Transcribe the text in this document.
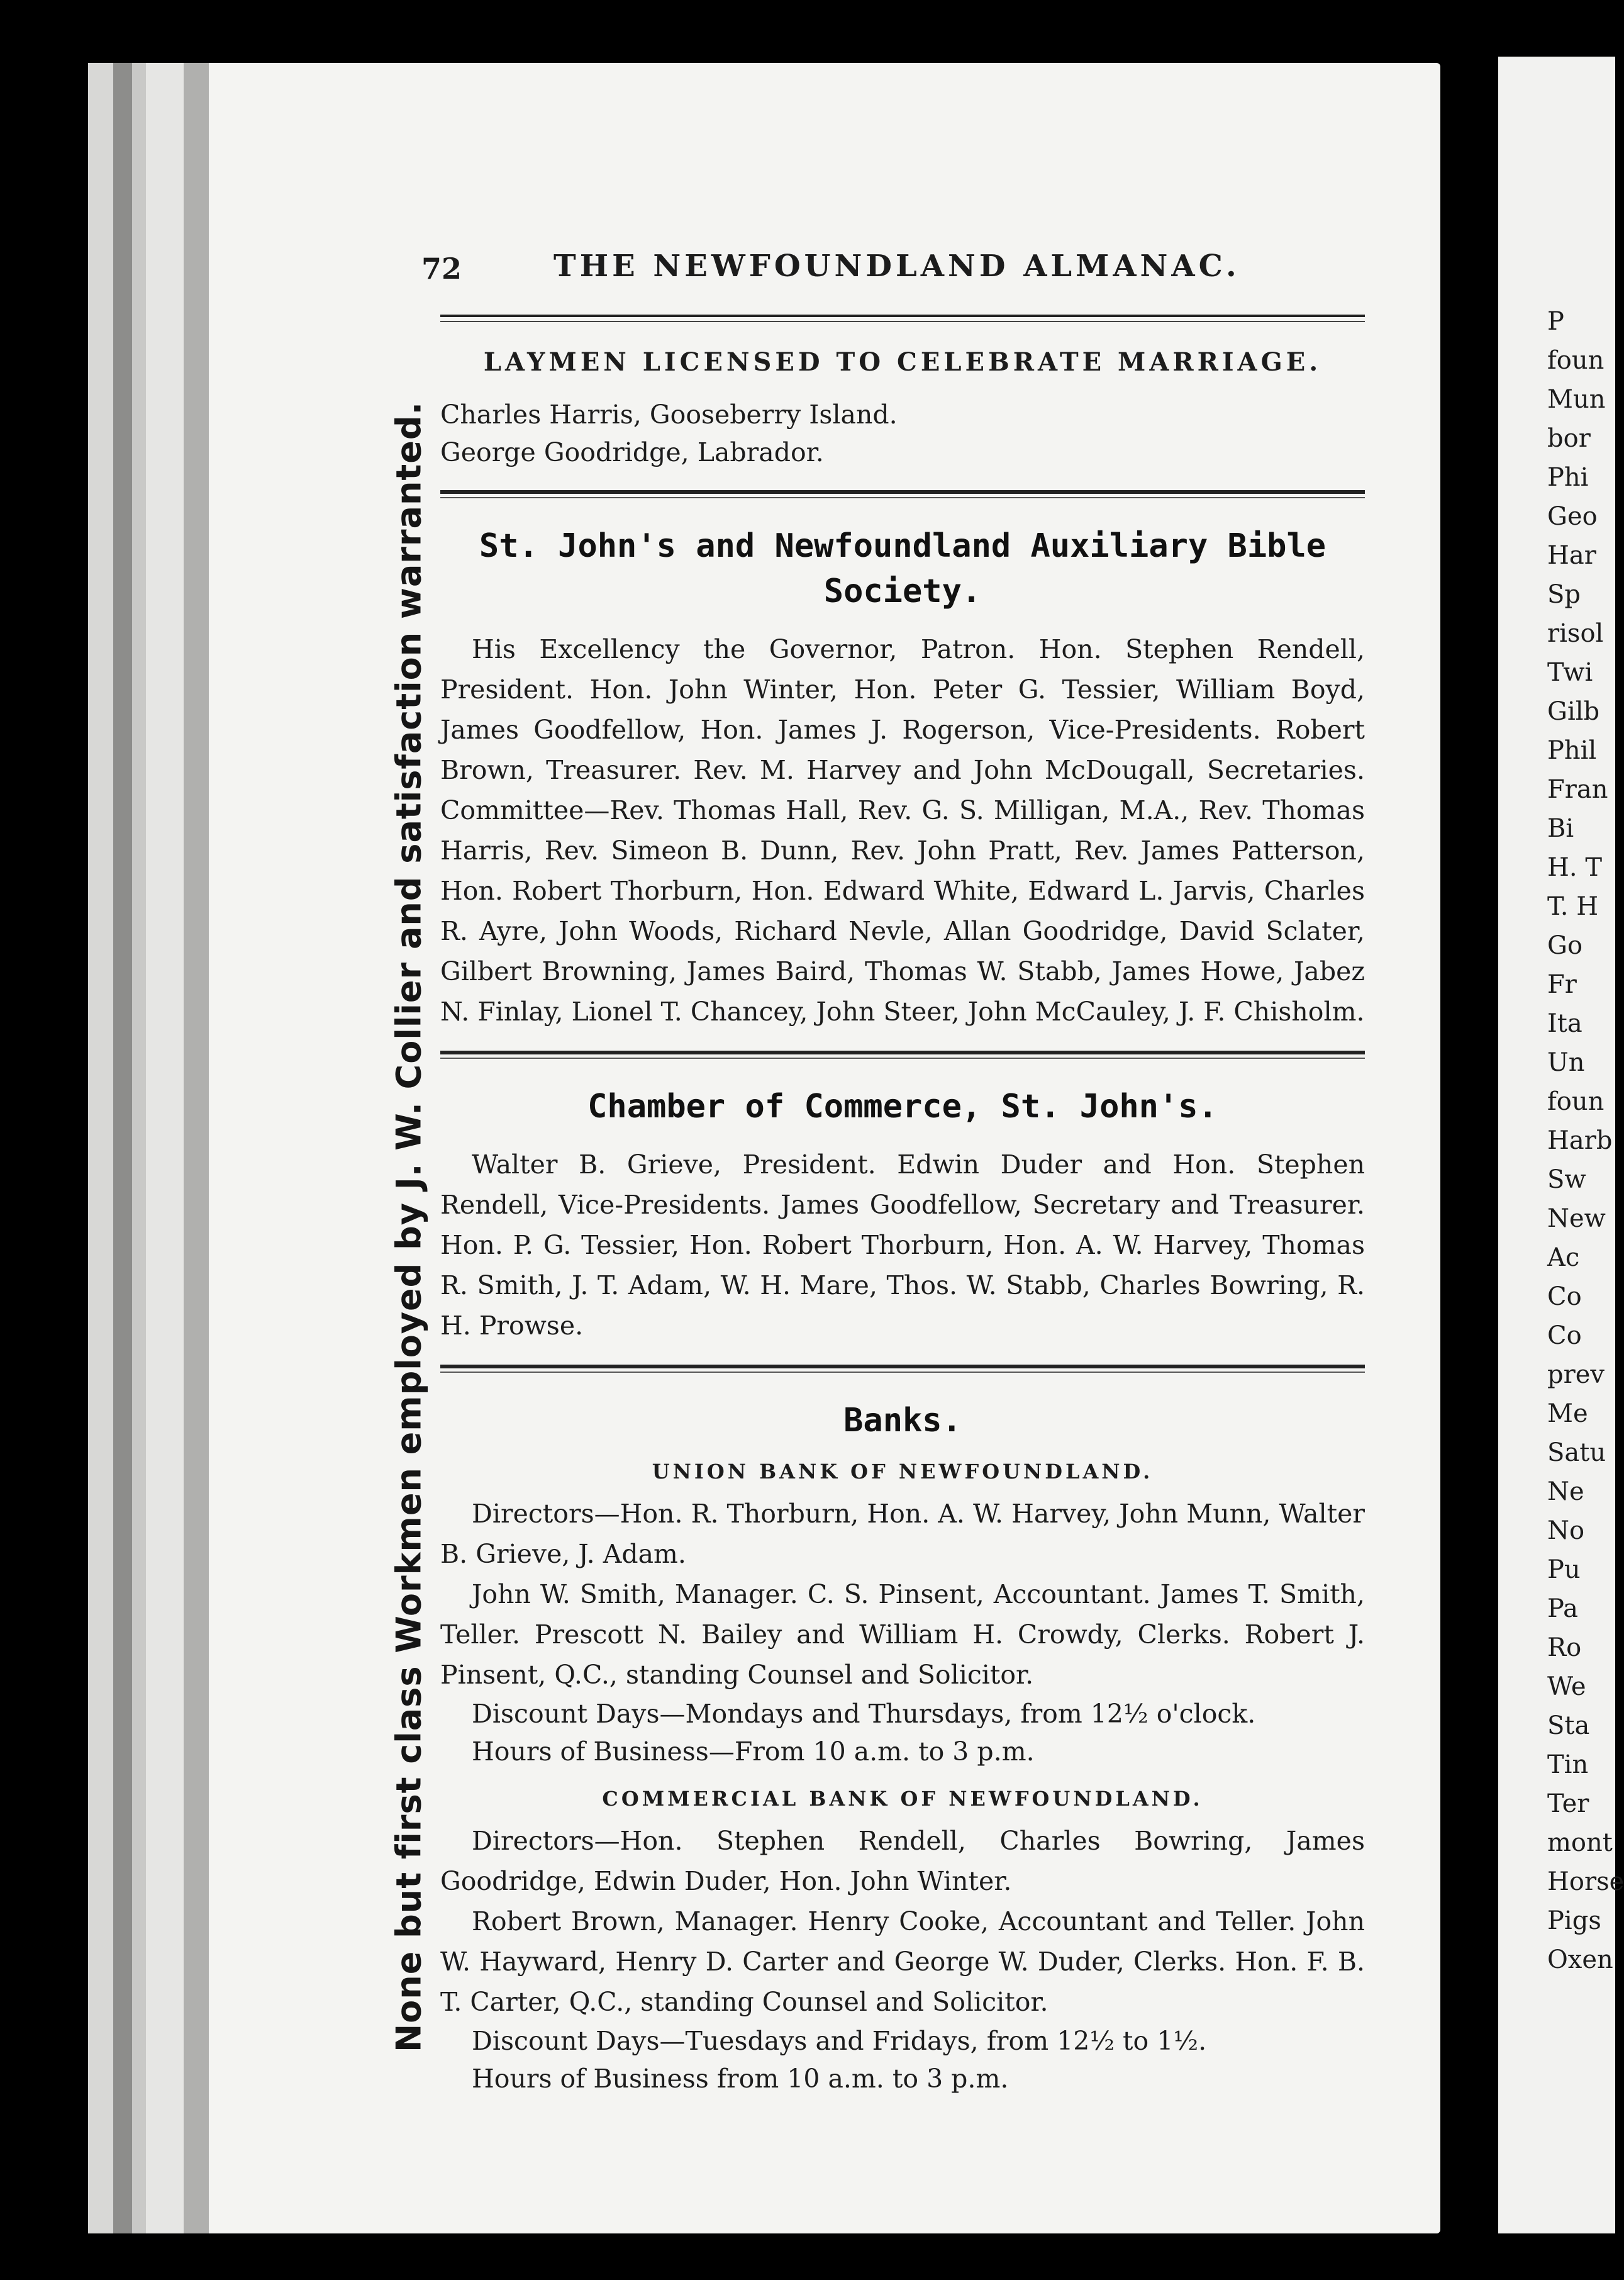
None but first class Workmen employed by J. W. Collier and satisfaction warranted.
72	THE NEWFOUNDLAND ALMANAC.
LAYMEN LICENSED TO CELEBRATE MARRIAGE.
Charles Harris, Gooseberry Island.
George Goodridge, Labrador.
St. John's and Newfoundland Auxiliary Bible Society.
His Excellency the Governor, Patron. Hon. Stephen Rendell, President. Hon. John Winter, Hon. Peter G. Tessier, William Boyd, James Goodfellow, Hon. James J. Rogerson, Vice-Presidents. Robert Brown, Treasurer. Rev. M. Harvey and John McDougall, Secretaries. Committee—Rev. Thomas Hall, Rev. G. S. Milligan, M.A., Rev. Thomas Harris, Rev. Simeon B. Dunn, Rev. John Pratt, Rev. James Patterson, Hon. Robert Thorburn, Hon. Edward White, Edward L. Jarvis, Charles R. Ayre, John Woods, Richard Nevle, Allan Goodridge, David Sclater, Gilbert Browning, James Baird, Thomas W. Stabb, James Howe, Jabez N. Finlay, Lionel T. Chancey, John Steer, John McCauley, J. F. Chisholm.
Chamber of Commerce, St. John's.
Walter B. Grieve, President. Edwin Duder and Hon. Stephen Rendell, Vice-Presidents. James Goodfellow, Secretary and Treasurer. Hon. P. G. Tessier, Hon. Robert Thorburn, Hon. A. W. Harvey, Thomas R. Smith, J. T. Adam, W. H. Mare, Thos. W. Stabb, Charles Bowring, R. H. Prowse.
Banks.
UNION BANK OF NEWFOUNDLAND.
Directors—Hon. R. Thorburn, Hon. A. W. Harvey, John Munn, Walter B. Grieve, J. Adam.
John W. Smith, Manager. C. S. Pinsent, Accountant. James T. Smith, Teller. Prescott N. Bailey and William H. Crowdy, Clerks. Robert J. Pinsent, Q.C., standing Counsel and Solicitor.
Discount Days—Mondays and Thursdays, from 12½ o'clock.
Hours of Business—From 10 a.m. to 3 p.m.
COMMERCIAL BANK OF NEWFOUNDLAND.
Directors—Hon. Stephen Rendell, Charles Bowring, James Goodridge, Edwin Duder, Hon. John Winter.
Robert Brown, Manager. Henry Cooke, Accountant and Teller. John W. Hayward, Henry D. Carter and George W. Duder, Clerks. Hon. F. B. T. Carter, Q.C., standing Counsel and Solicitor.
Discount Days—Tuesdays and Fridays, from 12½ to 1½.
Hours of Business from 10 a.m. to 3 p.m.
P
foun
Mun
bor
Phi
Geo
Har
Sp
risol
Twi
Gilb
Phil
Fran
Bi
H. T
T. H
Go
Fr
Ita
Un
foun
Harb
Sw
New
Ac
Co
Co
prev
Me
Satu
Ne
No
Pu
Pa
Ro
We
Sta
Tin
Ter
mont
Horse
Pigs
Oxen
